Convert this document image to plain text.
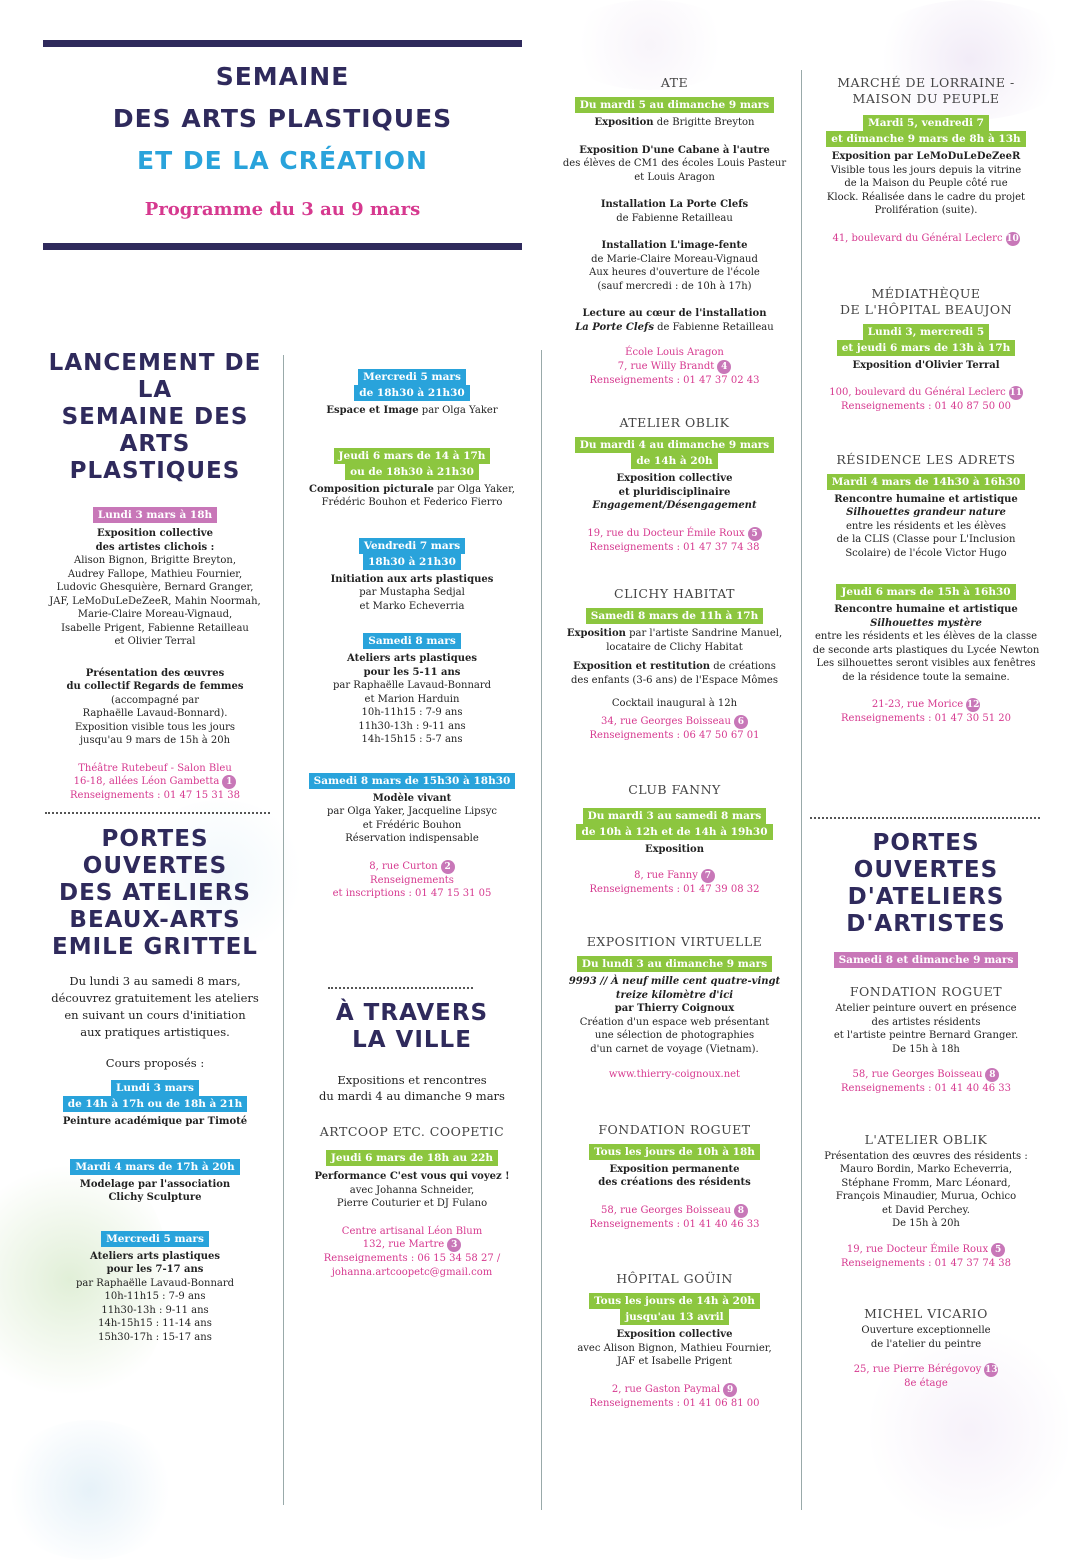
SEMAINE
DES ARTS PLASTIQUES
ET DE LA CRÉATION
Programme du 3 au 9 mars
LANCEMENT DE LA
SEMAINE DES ARTS
PLASTIQUES
Lundi 3 mars à 18h
Exposition collective
des artistes clichois :
Alison Bignon, Brigitte Breyton,
Audrey Fallope, Mathieu Fournier,
Ludovic Ghesquière, Bernard Granger,
JAF, LeMoDuLeDeZeeR, Mahin Noormah,
Marie-Claire Moreau-Vignaud,
Isabelle Prigent, Fabienne Retailleau
et Olivier Terral
Présentation des œuvres
du collectif Regards de femmes
(accompagné par
Raphaëlle Lavaud-Bonnard).
Exposition visible tous les jours
jusqu'au 9 mars de 15h à 20h
Théâtre Rutebeuf - Salon Bleu
16-18, allées Léon Gambetta 1
Renseignements : 01 47 15 31 38
PORTES OUVERTES
DES ATELIERS
BEAUX-ARTS
EMILE GRITTEL
Du lundi 3 au samedi 8 mars,
découvrez gratuitement les ateliers
en suivant un cours d'initiation
aux pratiques artistiques.
Cours proposés :
Lundi 3 mars
de 14h à 17h ou de 18h à 21h
Peinture académique par Timoté
Mardi 4 mars de 17h à 20h
Modelage par l'association
Clichy Sculpture
Mercredi 5 mars
Ateliers arts plastiques
pour les 7-17 ans
par Raphaëlle Lavaud-Bonnard
10h-11h15 : 7-9 ans
11h30-13h : 9-11 ans
14h-15h15 : 11-14 ans
15h30-17h : 15-17 ans
Mercredi 5 mars
de 18h30 à 21h30
Espace et Image par Olga Yaker
Jeudi 6 mars de 14 à 17h
ou de 18h30 à 21h30
Composition picturale par Olga Yaker,
Frédéric Bouhon et Federico Fierro
Vendredi 7 mars
18h30 à 21h30
Initiation aux arts plastiques
par Mustapha Sedjal
et Marko Echeverria
Samedi 8 mars
Ateliers arts plastiques
pour les 5-11 ans
par Raphaëlle Lavaud-Bonnard
et Marion Harduin
10h-11h15 : 7-9 ans
11h30-13h : 9-11 ans
14h-15h15 : 5-7 ans
Samedi 8 mars de 15h30 à 18h30
Modèle vivant
par Olga Yaker, Jacqueline Lipsyc
et Frédéric Bouhon
Réservation indispensable
8, rue Curton 2
Renseignements
et inscriptions : 01 47 15 31 05
À TRAVERS
LA VILLE
Expositions et rencontres
du mardi 4 au dimanche 9 mars
ARTCOOP ETC. COOPETIC
Jeudi 6 mars de 18h au 22h
Performance C'est vous qui voyez !
avec Johanna Schneider,
Pierre Couturier et DJ Fulano
Centre artisanal Léon Blum
132, rue Martre 3
Renseignements : 06 15 34 58 27 /
johanna.artcoopetc@gmail.com
ATE
Du mardi 5 au dimanche 9 mars
Exposition de Brigitte Breyton
Exposition D'une Cabane à l'autre
des élèves de CM1 des écoles Louis Pasteur
et Louis Aragon
Installation La Porte Clefs
de Fabienne Retailleau
Installation L'image-fente
de Marie-Claire Moreau-Vignaud
Aux heures d'ouverture de l'école
(sauf mercredi : de 10h à 17h)
Lecture au cœur de l'installation
La Porte Clefs de Fabienne Retailleau
École Louis Aragon
7, rue Willy Brandt 4
Renseignements : 01 47 37 02 43
ATELIER OBLIK
Du mardi 4 au dimanche 9 mars
de 14h à 20h
Exposition collective
et pluridisciplinaire
Engagement/Désengagement
19, rue du Docteur Émile Roux 5
Renseignements : 01 47 37 74 38
CLICHY HABITAT
Samedi 8 mars de 11h à 17h
Exposition par l'artiste Sandrine Manuel,
locataire de Clichy Habitat
Exposition et restitution de créations
des enfants (3-6 ans) de l'Espace Mômes
Cocktail inaugural à 12h
34, rue Georges Boisseau 6
Renseignements : 06 47 50 67 01
CLUB FANNY
Du mardi 3 au samedi 8 mars
de 10h à 12h et de 14h à 19h30
Exposition
8, rue Fanny 7
Renseignements : 01 47 39 08 32
EXPOSITION VIRTUELLE
Du lundi 3 au dimanche 9 mars
9993 // À neuf mille cent quatre-vingt
treize kilomètre d'ici
par Thierry Coignoux
Création d'un espace web présentant
une sélection de photographies
d'un carnet de voyage (Vietnam).
www.thierry-coignoux.net
FONDATION ROGUET
Tous les jours de 10h à 18h
Exposition permanente
des créations des résidents
58, rue Georges Boisseau 8
Renseignements : 01 41 40 46 33
HÔPITAL GOÜIN
Tous les jours de 14h à 20h
jusqu'au 13 avril
Exposition collective
avec Alison Bignon, Mathieu Fournier,
JAF et Isabelle Prigent
2, rue Gaston Paymal 9
Renseignements : 01 41 06 81 00
MARCHÉ DE LORRAINE -
MAISON DU PEUPLE
Mardi 5, vendredi 7
et dimanche 9 mars de 8h à 13h
Exposition par LeMoDuLeDeZeeR
Visible tous les jours depuis la vitrine
de la Maison du Peuple côté rue
Klock. Réalisée dans le cadre du projet
Prolifération (suite).
41, boulevard du Général Leclerc 10
MÉDIATHÈQUE
DE L'HÔPITAL BEAUJON
Lundi 3, mercredi 5
et jeudi 6 mars de 13h à 17h
Exposition d'Olivier Terral
100, boulevard du Général Leclerc 11
Renseignements : 01 40 87 50 00
RÉSIDENCE LES ADRETS
Mardi 4 mars de 14h30 à 16h30
Rencontre humaine et artistique
Silhouettes grandeur nature
entre les résidents et les élèves
de la CLIS (Classe pour L'Inclusion
Scolaire) de l'école Victor Hugo
Jeudi 6 mars de 15h à 16h30
Rencontre humaine et artistique
Silhouettes mystère
entre les résidents et les élèves de la classe
de seconde arts plastiques du Lycée Newton
Les silhouettes seront visibles aux fenêtres
de la résidence toute la semaine.
21-23, rue Morice 12
Renseignements : 01 47 30 51 20
PORTES OUVERTES
D'ATELIERS
D'ARTISTES
Samedi 8 et dimanche 9 mars
FONDATION ROGUET
Atelier peinture ouvert en présence
des artistes résidents
et l'artiste peintre Bernard Granger.
De 15h à 18h
58, rue Georges Boisseau 8
Renseignements : 01 41 40 46 33
L'ATELIER OBLIK
Présentation des œuvres des résidents :
Mauro Bordin, Marko Echeverria,
Stéphane Fromm, Marc Léonard,
François Minaudier, Murua, Ochico
et David Perchey.
De 15h à 20h
19, rue Docteur Émile Roux 5
Renseignements : 01 47 37 74 38
MICHEL VICARIO
Ouverture exceptionnelle
de l'atelier du peintre
25, rue Pierre Bérégovoy 13
8e étage
